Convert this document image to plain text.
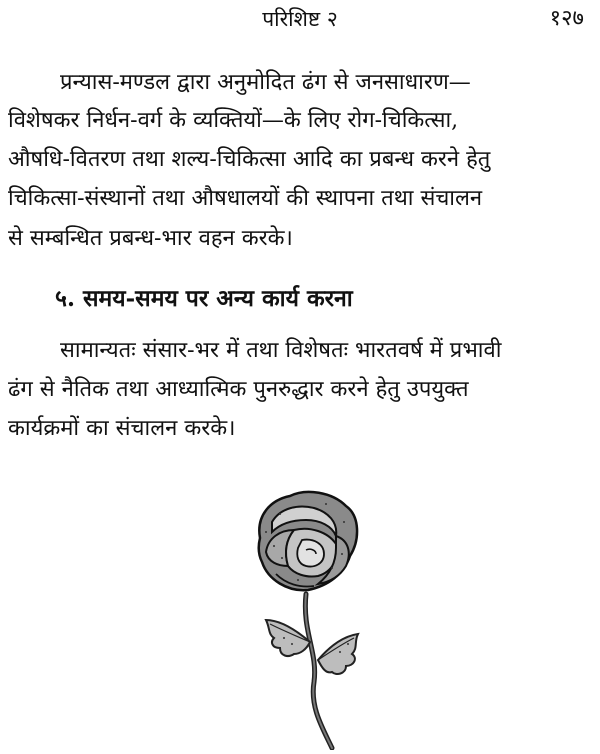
परिशिष्ट २	१२७
प्रन्यास-मण्डल द्वारा अनुमोदित ढंग से जनसाधारण—
विशेषकर निर्धन-वर्ग के व्यक्तियों—के लिए रोग-चिकित्सा,
औषधि-वितरण तथा शल्य-चिकित्सा आदि का प्रबन्ध करने हेतु
चिकित्सा-संस्थानों तथा औषधालयों की स्थापना तथा संचालन
से सम्बन्धित प्रबन्ध-भार वहन करके।
५. समय-समय पर अन्य कार्य करना
सामान्यतः संसार-भर में तथा विशेषतः भारतवर्ष में प्रभावी
ढंग से नैतिक तथा आध्यात्मिक पुनरुद्धार करने हेतु उपयुक्त
कार्यक्रमों का संचालन करके।
